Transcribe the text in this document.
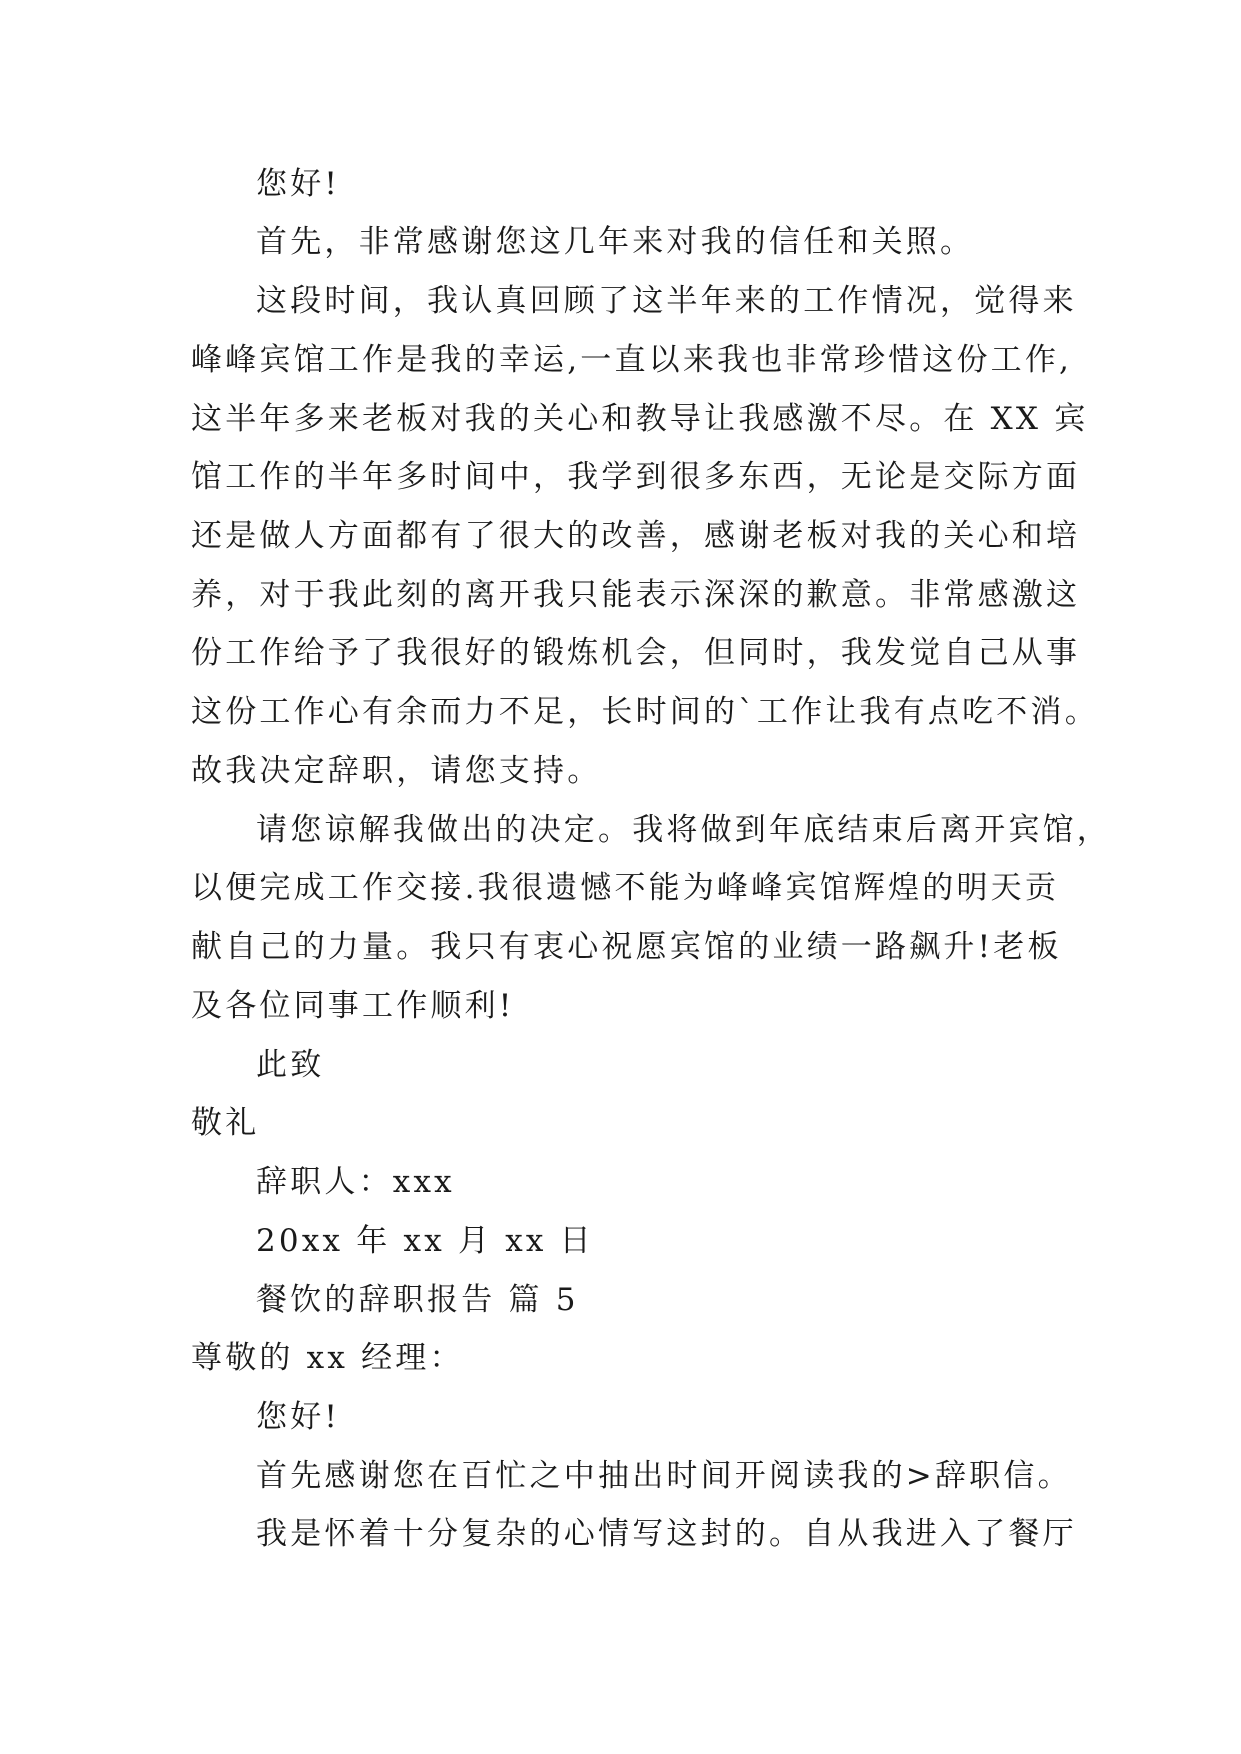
您好!
首先，非常感谢您这几年来对我的信任和关照。
这段时间，我认真回顾了这半年来的工作情况，觉得来
峰峰宾馆工作是我的幸运,一直以来我也非常珍惜这份工作,
这半年多来老板对我的关心和教导让我感激不尽。在 XX 宾
馆工作的半年多时间中，我学到很多东西，无论是交际方面
还是做人方面都有了很大的改善，感谢老板对我的关心和培
养，对于我此刻的离开我只能表示深深的歉意。非常感激这
份工作给予了我很好的锻炼机会，但同时，我发觉自己从事
这份工作心有余而力不足，长时间的`工作让我有点吃不消。
故我决定辞职，请您支持。
请您谅解我做出的决定。我将做到年底结束后离开宾馆，
以便完成工作交接.我很遗憾不能为峰峰宾馆辉煌的明天贡
献自己的力量。我只有衷心祝愿宾馆的业绩一路飙升!老板
及各位同事工作顺利!
此致
敬礼
辞职人：xxx
20xx 年 xx 月 xx 日
餐饮的辞职报告 篇 5
尊敬的 xx 经理：
您好!
首先感谢您在百忙之中抽出时间开阅读我的>辞职信。
我是怀着十分复杂的心情写这封的。自从我进入了餐厅
